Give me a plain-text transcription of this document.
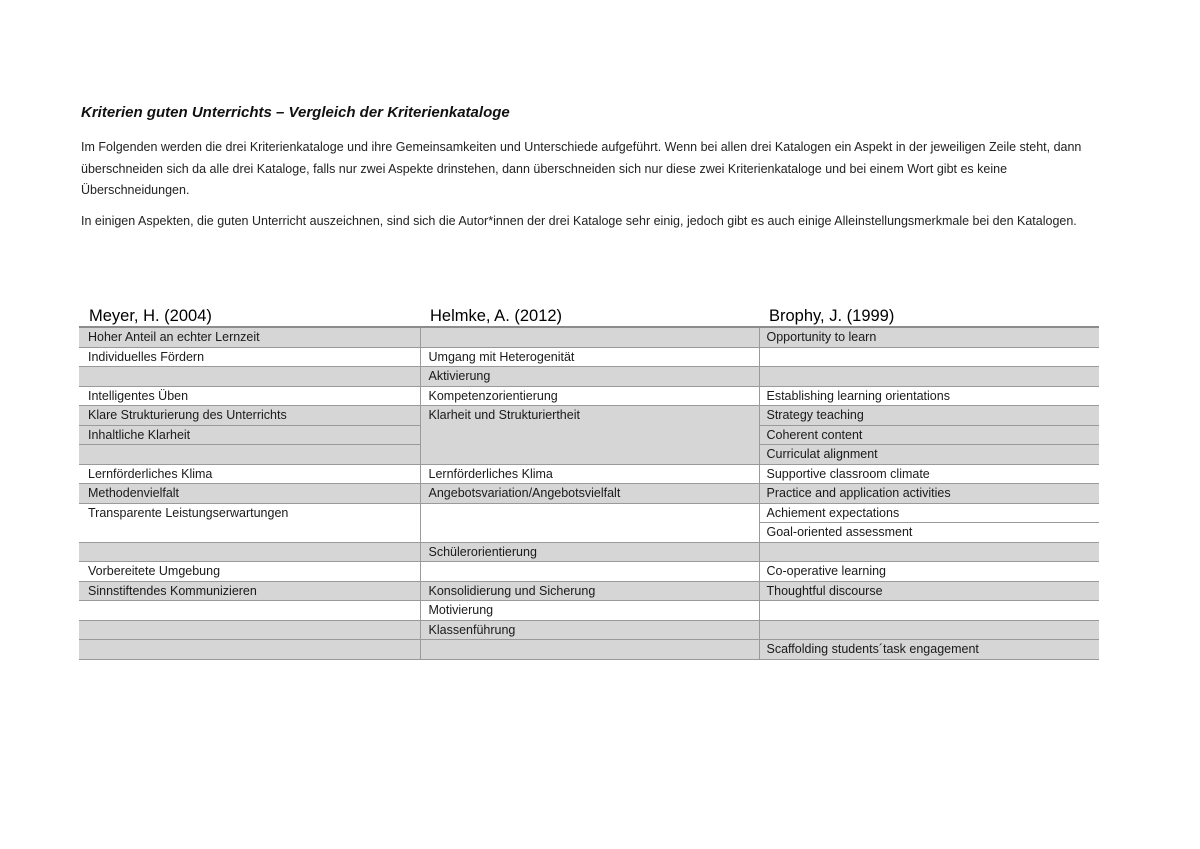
Kriterien guten Unterrichts – Vergleich der Kriterienkataloge

Im Folgenden werden die drei Kriterienkataloge und ihre Gemeinsamkeiten und Unterschiede aufgeführt. Wenn bei allen drei Katalogen ein Aspekt in der jeweiligen Zeile steht, dann überschneiden sich da alle drei Kataloge, falls nur zwei Aspekte drinstehen, dann überschneiden sich nur diese zwei Kriterienkataloge und bei einem Wort gibt es keine Überschneidungen.

In einigen Aspekten, die guten Unterricht auszeichnen, sind sich die Autor*innen der drei Kataloge sehr einig, jedoch gibt es auch einige Alleinstellungsmerkmale bei den Katalogen.

Meyer, H. (2004)	Helmke, A. (2012)	Brophy, J. (1999)
Hoher Anteil an echter Lernzeit		Opportunity to learn
Individuelles Fördern	Umgang mit Heterogenität	
	Aktivierung	
Intelligentes Üben	Kompetenzorientierung	Establishing learning orientations
Klare Strukturierung des Unterrichts	Klarheit und Strukturiertheit	Strategy teaching
Inhaltliche Klarheit		Coherent content
		Curriculat alignment
Lernförderliches Klima	Lernförderliches Klima	Supportive classroom climate
Methodenvielfalt	Angebotsvariation/Angebotsvielfalt	Practice and application activities
Transparente Leistungserwartungen		Achiement expectations
		Goal-oriented assessment
	Schülerorientierung	
Vorbereitete Umgebung		Co-operative learning
Sinnstiftendes Kommunizieren	Konsolidierung und Sicherung	Thoughtful discourse
	Motivierung	
	Klassenführung	
		Scaffolding students´task engagement
